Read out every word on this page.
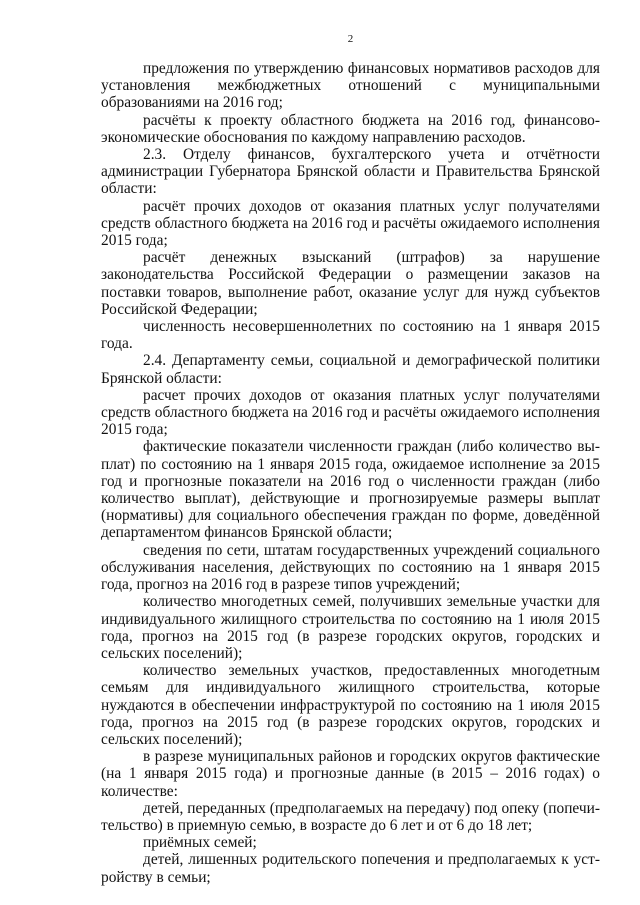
2

предложения по утверждению финансовых нормативов расходов для установления межбюджетных отношений с муниципальными образованиями на 2016 год;

расчёты к проекту областного бюджета на 2016 год, финансово-экономические обоснования по каждому направлению расходов.

2.3. Отделу финансов, бухгалтерского учета и отчётности администрации Губернатора Брянской области и Правительства Брянской области:

расчёт прочих доходов от оказания платных услуг получателями средств областного бюджета на 2016 год и расчёты ожидаемого исполнения 2015 года;

расчёт денежных взысканий (штрафов) за нарушение законодательства Российской Федерации о размещении заказов на поставки товаров, выполнение работ, оказание услуг для нужд субъектов Российской Федерации;

численность несовершеннолетних по состоянию на 1 января 2015 года.

2.4. Департаменту семьи, социальной и демографической политики Брянской области:

расчет прочих доходов от оказания платных услуг получателями средств областного бюджета на 2016 год и расчёты ожидаемого исполнения 2015 года;

фактические показатели численности граждан (либо количество выплат) по состоянию на 1 января 2015 года, ожидаемое исполнение за 2015 год и прогнозные показатели на 2016 год о численности граждан (либо количество выплат), действующие и прогнозируемые размеры выплат (нормативы) для социального обеспечения граждан по форме, доведённой департаментом финансов Брянской области;

сведения по сети, штатам государственных учреждений социального обслуживания населения, действующих по состоянию на 1 января 2015 года, прогноз на 2016 год в разрезе типов учреждений;

количество многодетных семей, получивших земельные участки для индивидуального жилищного строительства по состоянию на 1 июля 2015 года, прогноз на 2015 год (в разрезе городских округов, городских и сельских поселений);

количество земельных участков, предоставленных многодетным семьям для индивидуального жилищного строительства, которые нуждаются в обеспечении инфраструктурой по состоянию на 1 июля 2015 года, прогноз на 2015 год (в разрезе городских округов, городских и сельских поселений);

в разрезе муниципальных районов и городских округов фактические (на 1 января 2015 года) и прогнозные данные (в 2015 – 2016 годах) о количестве:

детей, переданных (предполагаемых на передачу) под опеку (попечительство) в приемную семью, в возрасте до 6 лет и от 6 до 18 лет;

приёмных семей;

детей, лишенных родительского попечения и предполагаемых к устройству в семьи;
